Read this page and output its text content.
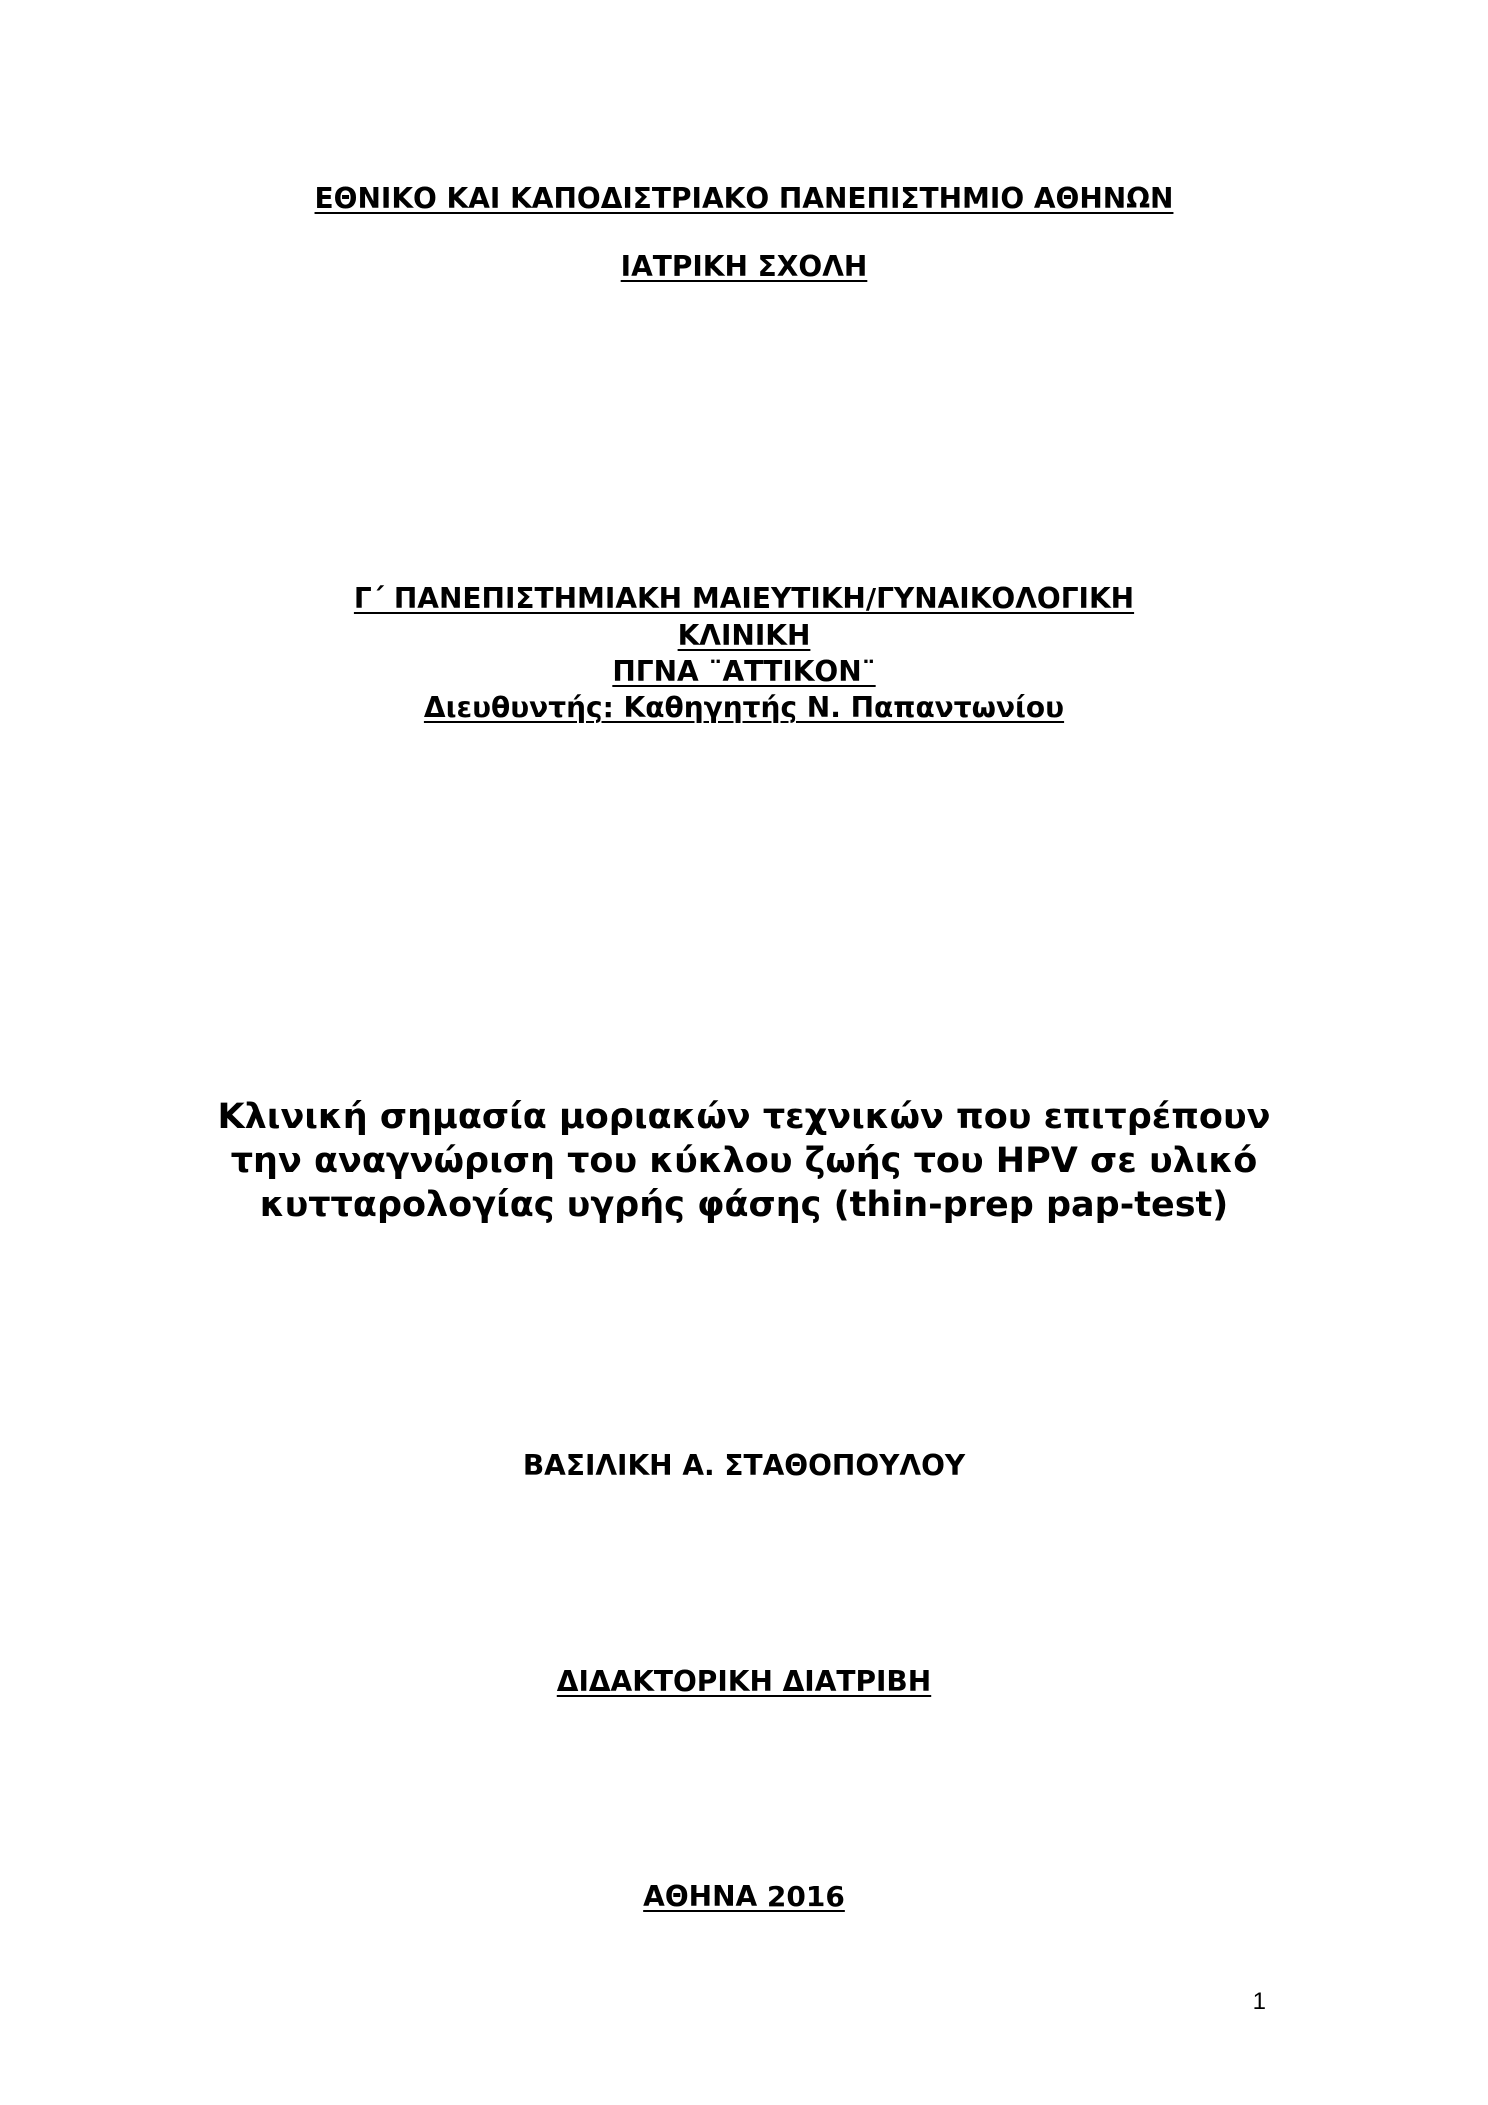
ΕΘΝΙΚΟ ΚΑΙ ΚΑΠΟΔΙΣΤΡΙΑΚΟ ΠΑΝΕΠΙΣΤΗΜΙΟ ΑΘΗΝΩΝ
ΙΑΤΡΙΚΗ ΣΧΟΛΗ
Γ΄ ΠΑΝΕΠΙΣΤΗΜΙΑΚΗ ΜΑΙΕΥΤΙΚΗ/ΓΥΝΑΙΚΟΛΟΓΙΚΗ
ΚΛΙΝΙΚΗ
ΠΓΝΑ ¨ΑΤΤΙΚΟΝ¨
Διευθυντής: Καθηγητής Ν. Παπαντωνίου
Κλινική σημασία μοριακών τεχνικών που επιτρέπουν
την αναγνώριση του κύκλου ζωής του HPV σε υλικό
κυτταρολογίας υγρής φάσης (thin-prep pap-test)
ΒΑΣΙΛΙΚΗ Α. ΣΤΑΘΟΠΟΥΛΟΥ
ΔΙΔΑΚΤΟΡΙΚΗ ΔΙΑΤΡΙΒΗ
ΑΘΗΝΑ 2016
1
